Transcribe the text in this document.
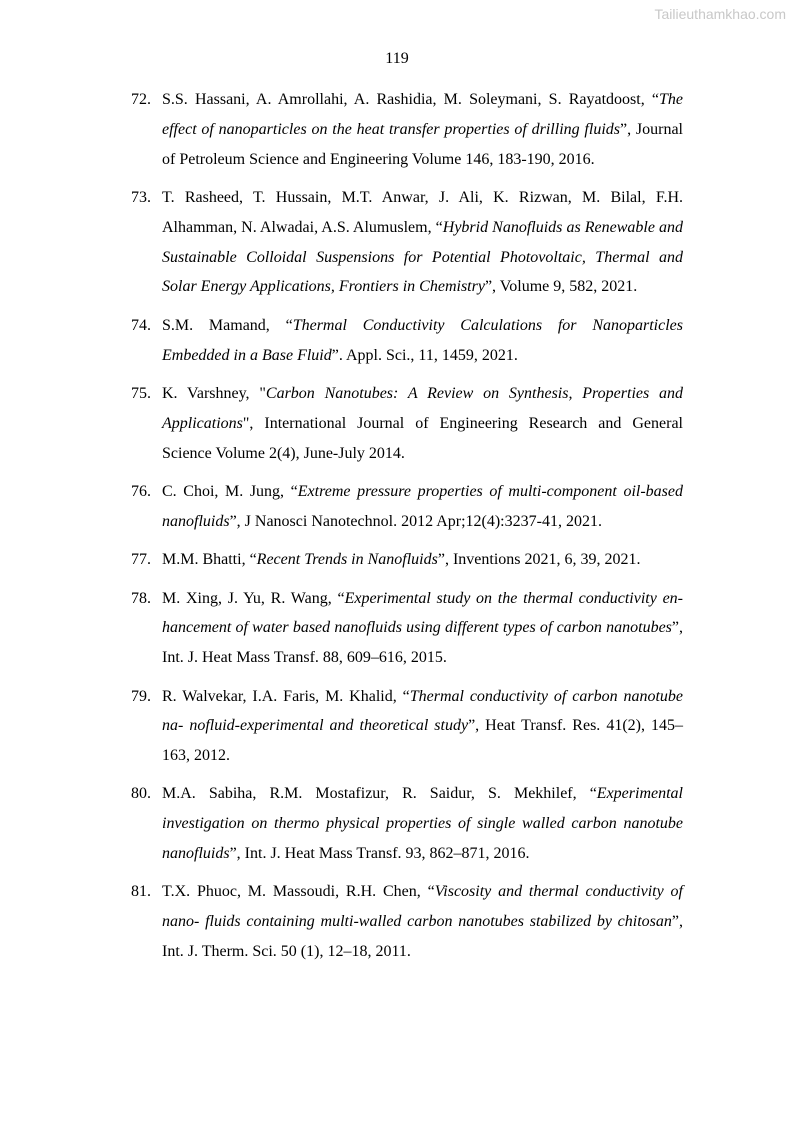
Tailieuthamkhao.com
119
72. S.S. Hassani, A. Amrollahi, A. Rashidia, M. Soleymani, S. Rayatdoost, “The effect of nanoparticles on the heat transfer properties of drilling fluids”, Journal of Petroleum Science and Engineering Volume 146, 183-190, 2016.
73. T. Rasheed, T. Hussain, M.T. Anwar, J. Ali, K. Rizwan, M. Bilal, F.H. Alhamman, N. Alwadai, A.S. Alumuslem, “Hybrid Nanofluids as Renewable and Sustainable Colloidal Suspensions for Potential Photovoltaic, Thermal and Solar Energy Applications, Frontiers in Chemistry”, Volume 9, 582, 2021.
74. S.M. Mamand, “Thermal Conductivity Calculations for Nanoparticles Embedded in a Base Fluid”. Appl. Sci., 11, 1459, 2021.
75. K. Varshney, "Carbon Nanotubes: A Review on Synthesis, Properties and Applications", International Journal of Engineering Research and General Science Volume 2(4), June-July 2014.
76. C. Choi, M. Jung, “Extreme pressure properties of multi-component oil-based nanofluids”, J Nanosci Nanotechnol. 2012 Apr;12(4):3237-41, 2021.
77. M.M. Bhatti, “Recent Trends in Nanofluids”, Inventions 2021, 6, 39, 2021.
78. M. Xing, J. Yu, R. Wang, “Experimental study on the thermal conductivity en- hancement of water based nanofluids using different types of carbon nanotubes”, Int. J. Heat Mass Transf. 88, 609–616, 2015.
79. R. Walvekar, I.A. Faris, M. Khalid, “Thermal conductivity of carbon nanotube na- nofluid-experimental and theoretical study”, Heat Transf. Res. 41(2), 145–163, 2012.
80. M.A. Sabiha, R.M. Mostafizur, R. Saidur, S. Mekhilef, “Experimental investigation on thermo physical properties of single walled carbon nanotube nanofluids”, Int. J. Heat Mass Transf. 93, 862–871, 2016.
81. T.X. Phuoc, M. Massoudi, R.H. Chen, “Viscosity and thermal conductivity of nano- fluids containing multi-walled carbon nanotubes stabilized by chitosan”, Int. J. Therm. Sci. 50 (1), 12–18, 2011.
